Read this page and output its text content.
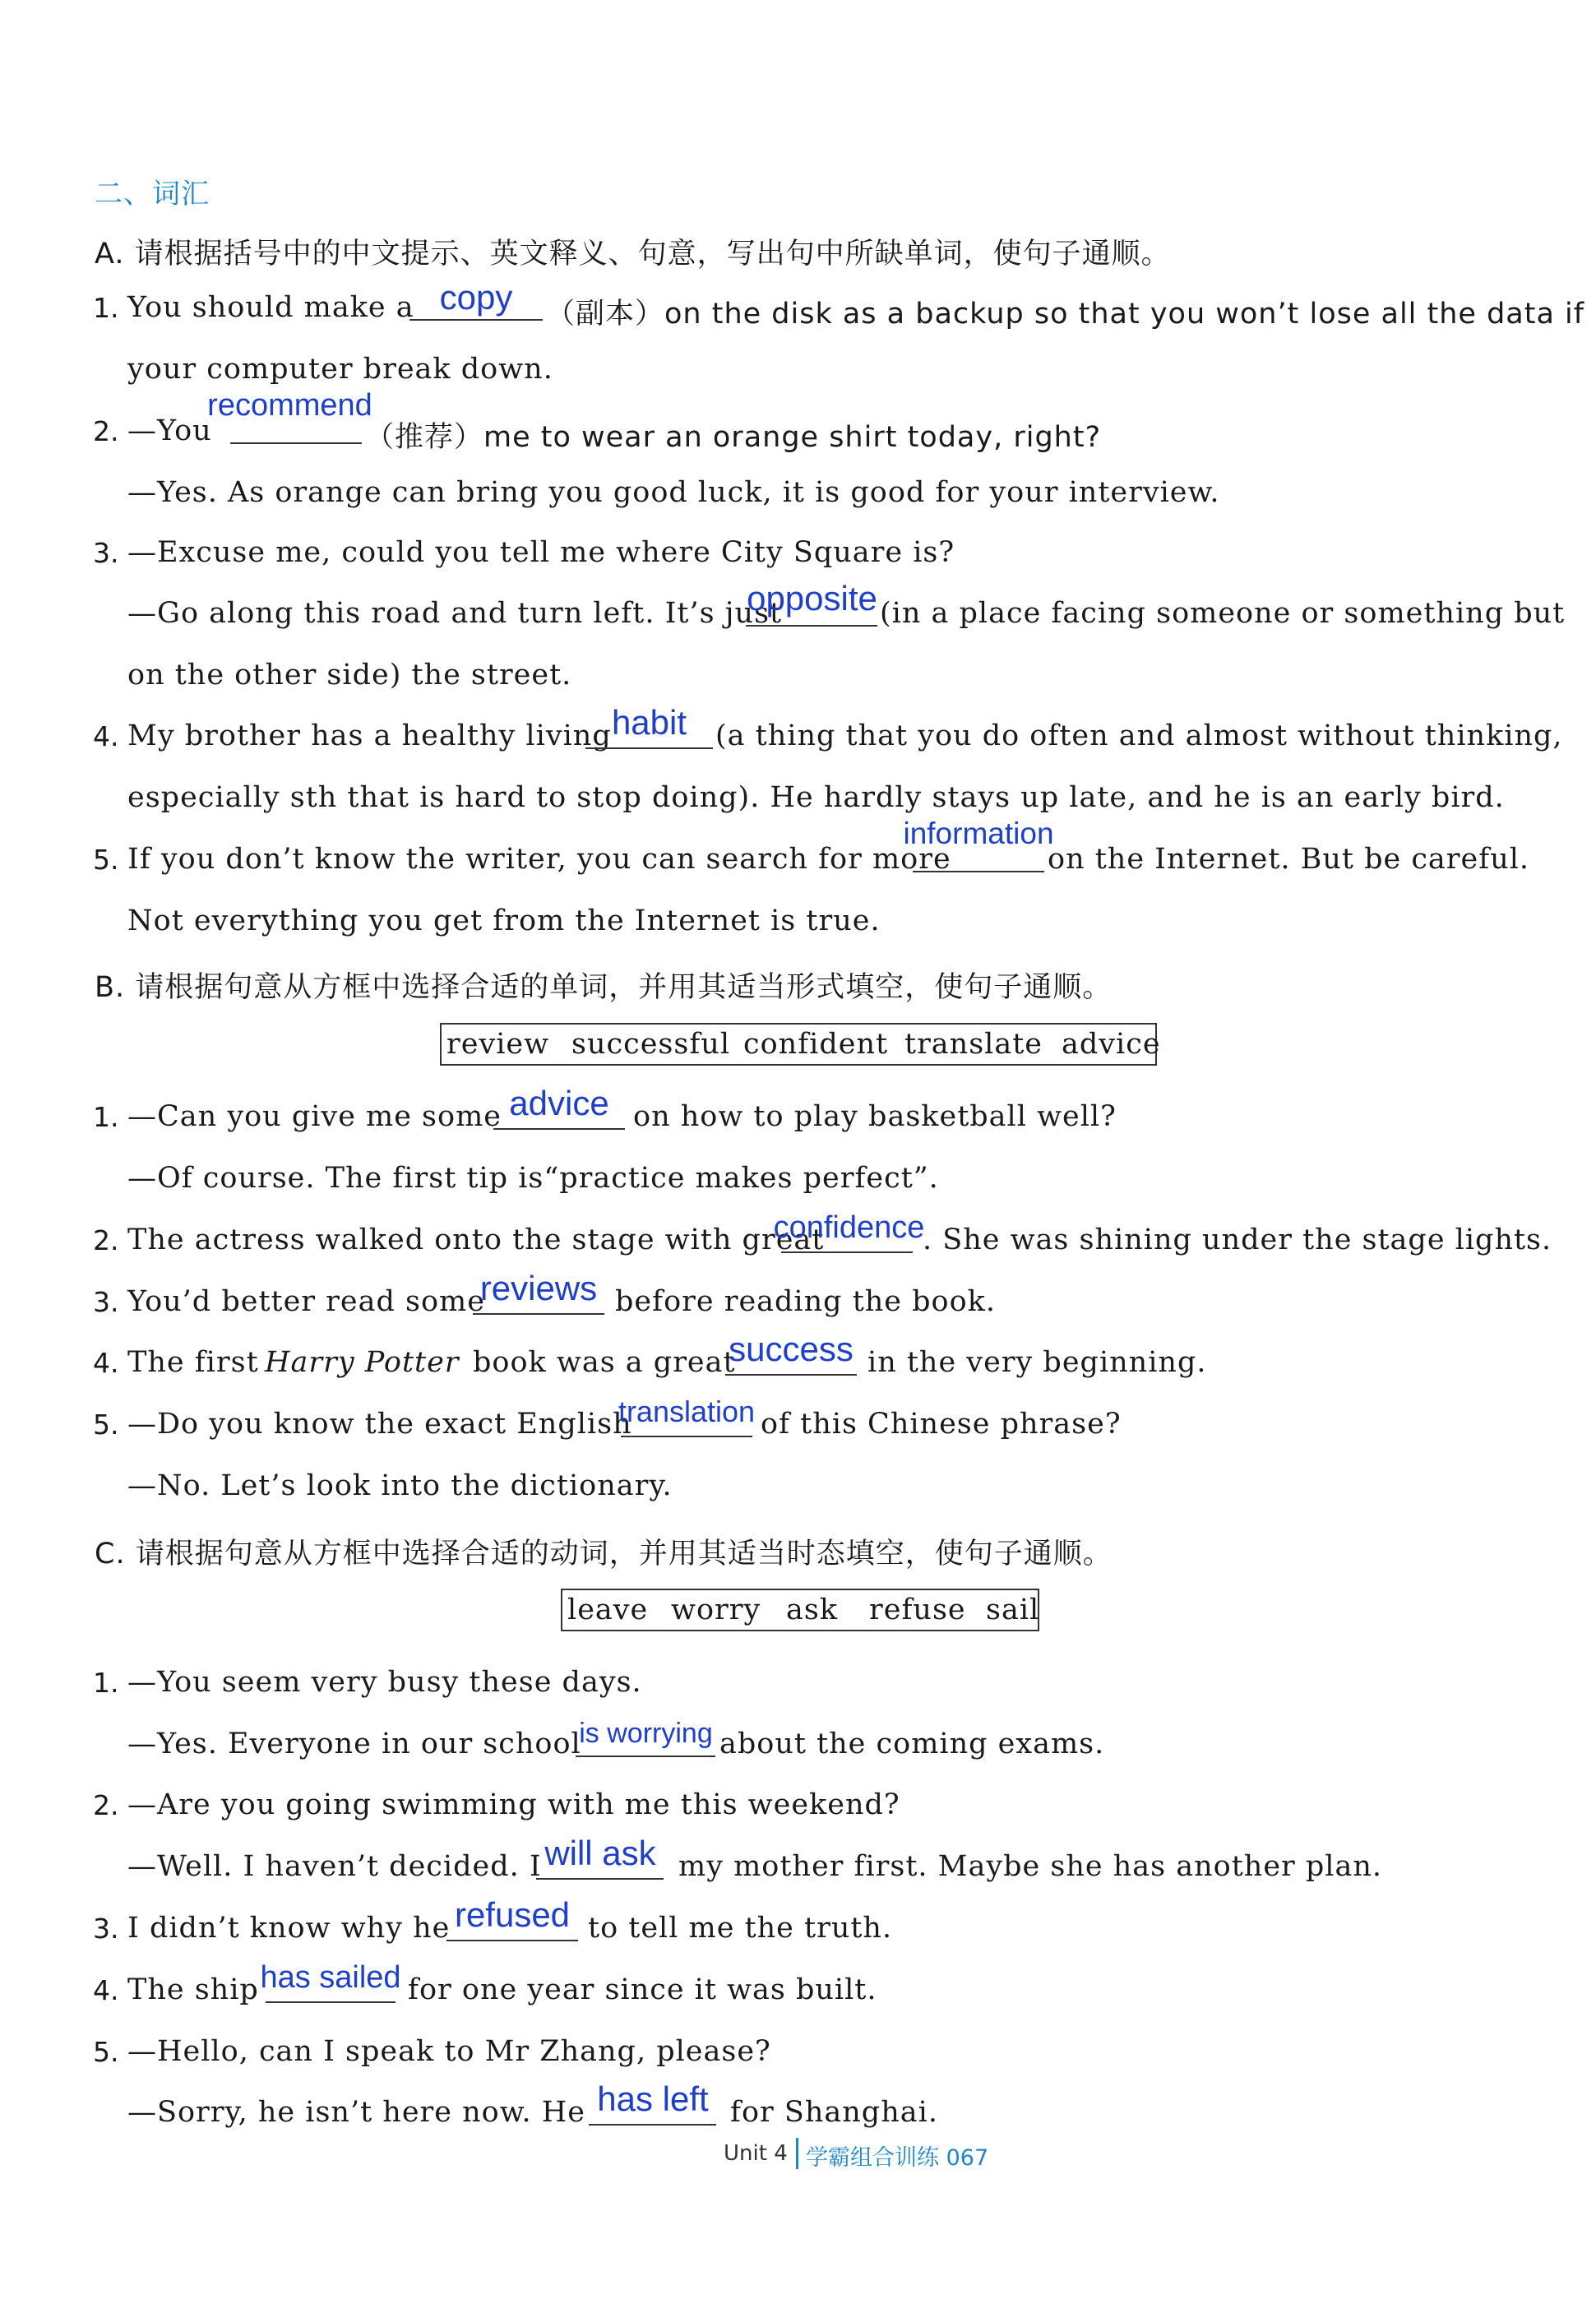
二、词汇
A. 请根据括号中的中文提示、英文释义、句意，写出句中所缺单词，使句子通顺。
1. You should make a copy	（副本）on the disk as a backup so that you won’t lose all the data if
your computer break down.
2. —You
recommend
（推荐）me to wear an orange shirt today, right?
—Yes. As orange can bring you good luck, it is good for your interview.
3. —Excuse me, could you tell me where City Square is?
—Go along this road and turn left. It’s just
opposite (in a place facing someone or something but
on the other side) the street.
4. My brother has a healthy living habit (a thing that you do often and almost without thinking,
especially sth that is hard to stop doing). He hardly stays up late, and he is an early bird.
5. If you don’t know the writer, you can search for more
information
on the Internet. But be careful.
Not everything you get from the Internet is true.
B. 请根据句意从方框中选择合适的单词，并用其适当形式填空，使句子通顺。
review successful confident translate advice
1. —Can you give me some advice on how to play basketball well?
—Of course. The first tip is“practice makes perfect”.
2. The actress walked onto the stage with great
confidence
. She was shining under the stage lights.
3. You’d better read some
reviews before reading the book.
4. The first Harry Potter book was a great
success in the very beginning.
5. —Do you know the exact English
translation of this Chinese phrase?
—No. Let’s look into the dictionary.
C. 请根据句意从方框中选择合适的动词，并用其适当时态填空，使句子通顺。
leave worry ask refuse sail
1. —You seem very busy these days.
—Yes. Everyone in our school
is worrying about the coming exams.
2. —Are you going swimming with me this weekend?
—Well. I haven’t decided. I will ask my mother first. Maybe she has another plan.
3. I didn’t know why he refused to tell me the truth.
4. The ship has sailed for one year since it was built.
5. —Hello, can I speak to Mr Zhang, please?
—Sorry, he isn’t here now. He has left for Shanghai.
Unit 4 学霸组合训练 067
